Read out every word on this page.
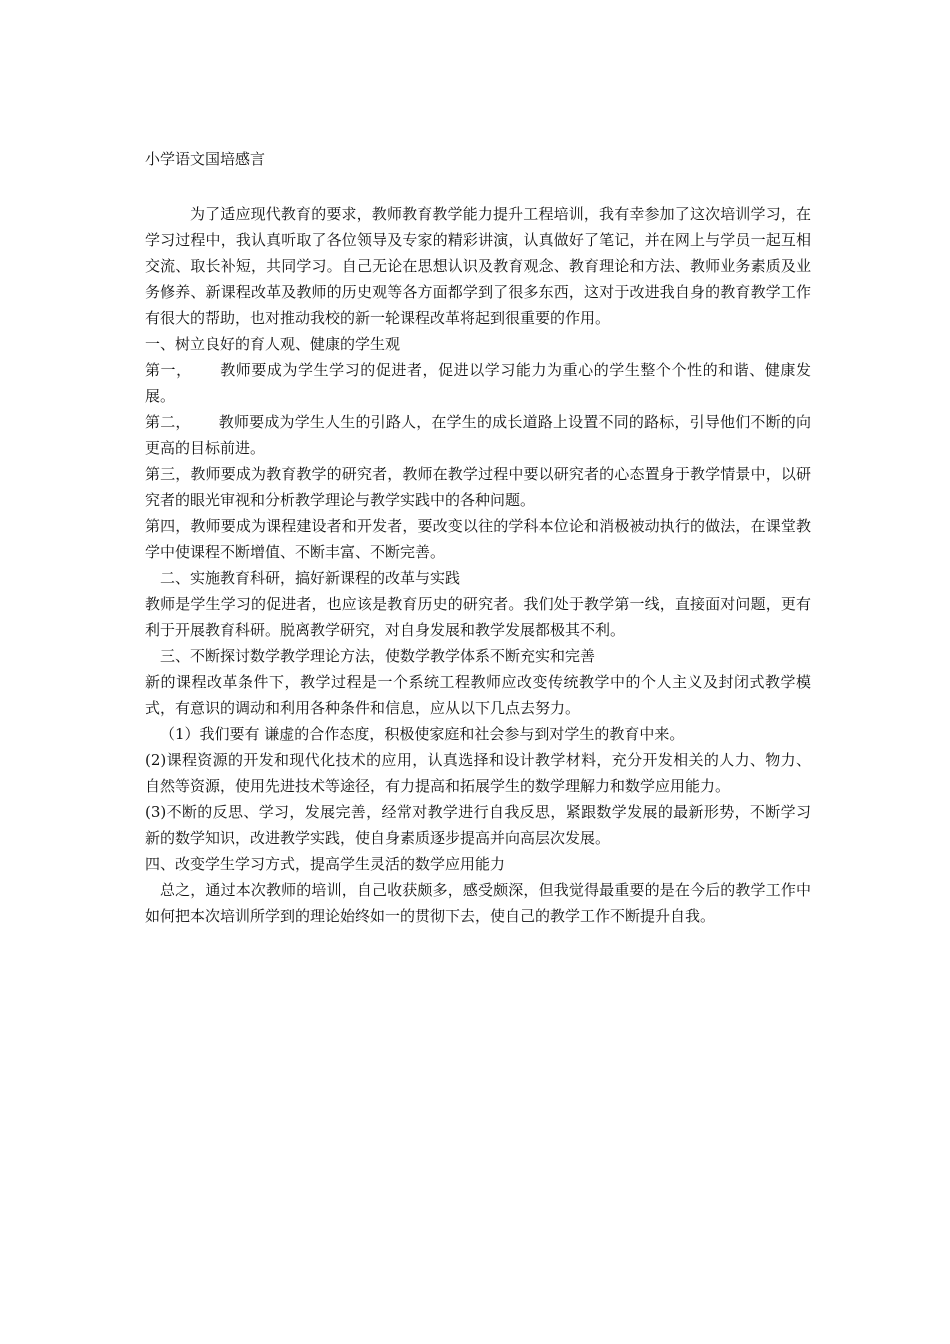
小学语文国培感言

为了适应现代教育的要求，教师教育教学能力提升工程培训，我有幸参加了这次培训学习，在学习过程中，我认真听取了各位领导及专家的精彩讲演，认真做好了笔记，并在网上与学员一起互相交流、取长补短，共同学习。自己无论在思想认识及教育观念、教育理论和方法、教师业务素质及业务修养、新课程改革及教师的历史观等各方面都学到了很多东西，这对于改进我自身的教育教学工作有很大的帮助，也对推动我校的新一轮课程改革将起到很重要的作用。

一、树立良好的育人观、健康的学生观

第一， 教师要成为学生学习的促进者，促进以学习能力为重心的学生整个个性的和谐、健康发展。

第二， 教师要成为学生人生的引路人，在学生的成长道路上设置不同的路标，引导他们不断的向更高的目标前进。

第三，教师要成为教育教学的研究者，教师在教学过程中要以研究者的心态置身于教学情景中，以研究者的眼光审视和分析教学理论与教学实践中的各种问题。

第四，教师要成为课程建设者和开发者，要改变以往的学科本位论和消极被动执行的做法，在课堂教学中使课程不断增值、不断丰富、不断完善。

二、实施教育科研，搞好新课程的改革与实践

教师是学生学习的促进者，也应该是教育历史的研究者。我们处于教学第一线，直接面对问题，更有利于开展教育科研。脱离教学研究，对自身发展和教学发展都极其不利。

三、不断探讨数学教学理论方法，使数学教学体系不断充实和完善

新的课程改革条件下，教学过程是一个系统工程教师应改变传统教学中的个人主义及封闭式教学模式，有意识的调动和利用各种条件和信息，应从以下几点去努力。

（1）我们要有 谦虚的合作态度，积极使家庭和社会参与到对学生的教育中来。

(2)课程资源的开发和现代化技术的应用，认真选择和设计教学材料，充分开发相关的人力、物力、自然等资源，使用先进技术等途径，有力提高和拓展学生的数学理解力和数学应用能力。

(3)不断的反思、学习，发展完善，经常对教学进行自我反思，紧跟数学发展的最新形势，不断学习新的数学知识，改进教学实践，使自身素质逐步提高并向高层次发展。

四、改变学生学习方式，提高学生灵活的数学应用能力

总之，通过本次教师的培训，自己收获颇多，感受颇深，但我觉得最重要的是在今后的教学工作中如何把本次培训所学到的理论始终如一的贯彻下去，使自己的教学工作不断提升自我。
